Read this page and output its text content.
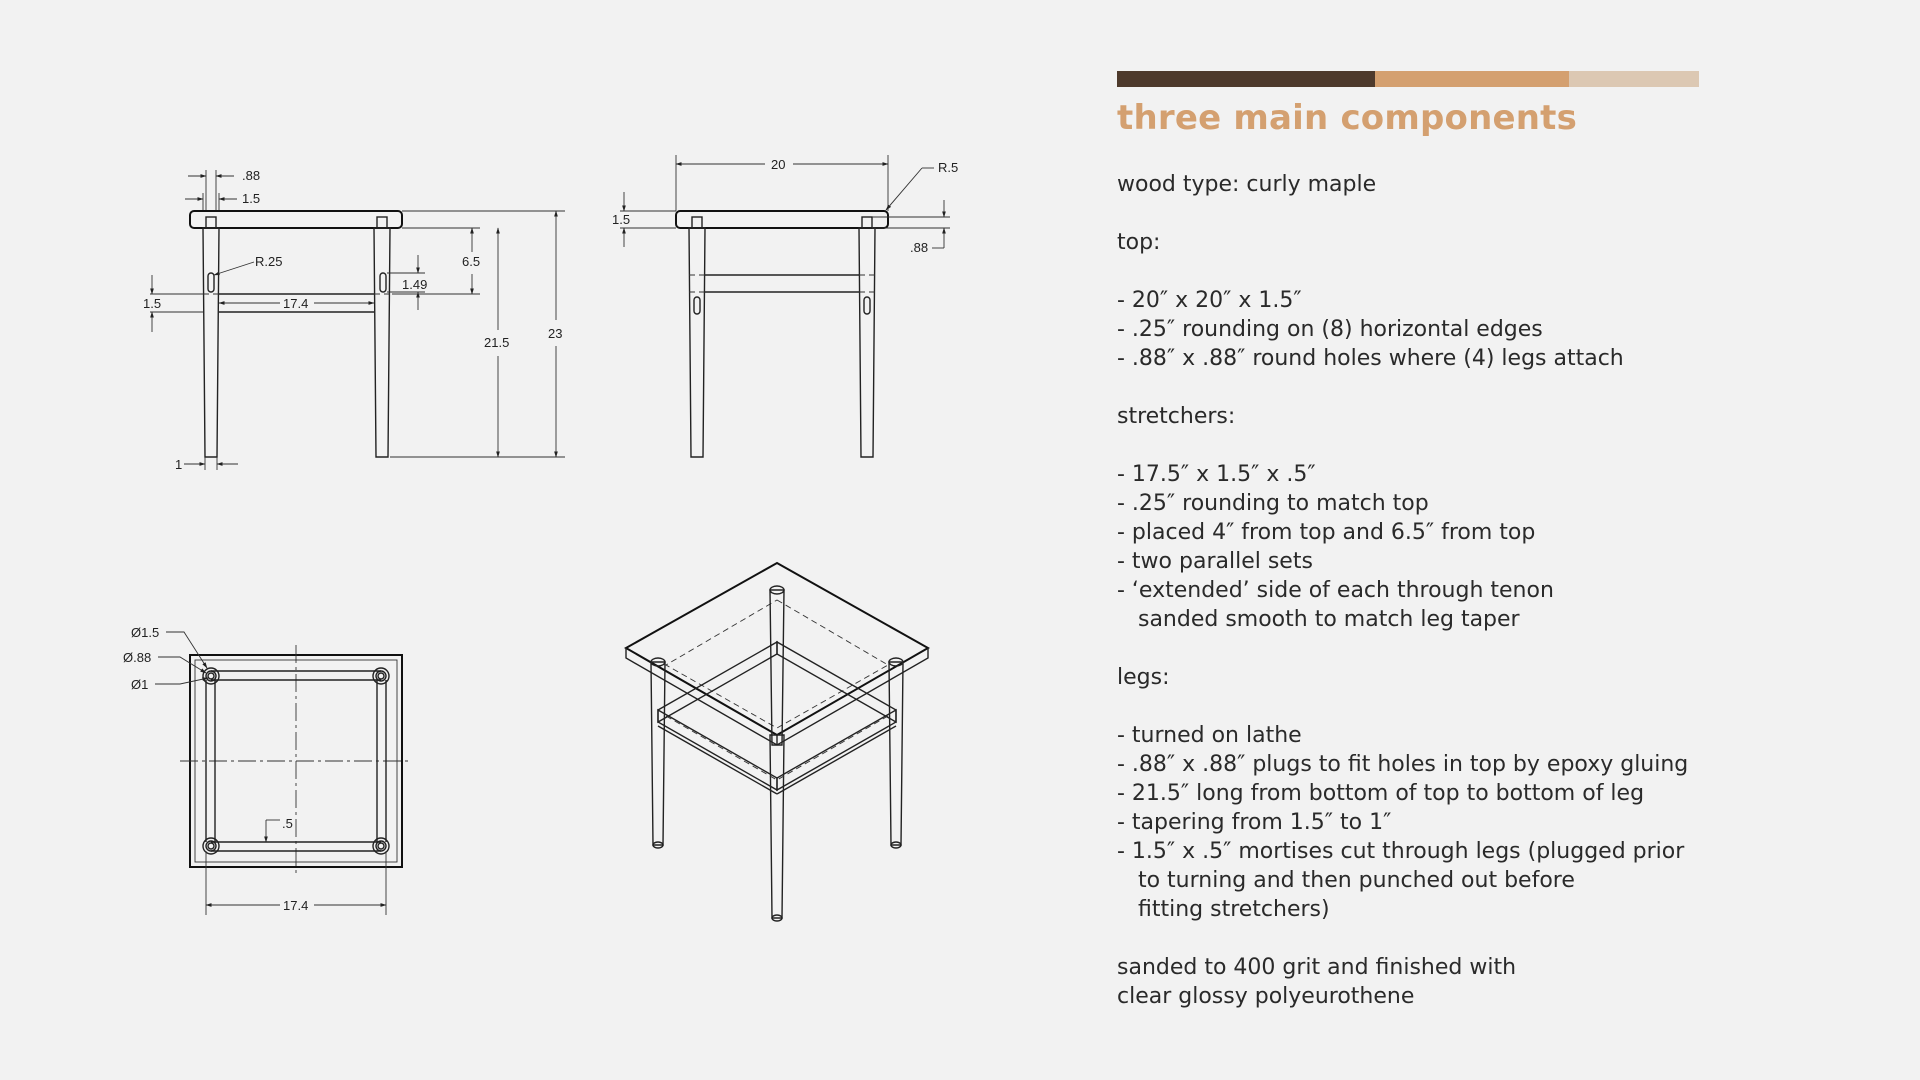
.88
1.5
R.25
1.5	17.4
1.49
6.5
21.5
23
1
20	R.5
1.5
.88
Ø1.5
Ø.88
Ø1
.5
17.4
three main components
wood type: curly maple
top:
- 20″ x 20″ x 1.5″
- .25″ rounding on (8) horizontal edges
- .88″ x .88″ round holes where (4) legs attach
stretchers:
- 17.5″ x 1.5″ x .5″
- .25″ rounding to match top
- placed 4″ from top and 6.5″ from top
- two parallel sets
- ‘extended’ side of each through tenon
sanded smooth to match leg taper
legs:
- turned on lathe
- .88″ x .88″ plugs to fit holes in top by epoxy gluing
- 21.5″ long from bottom of top to bottom of leg
- tapering from 1.5″ to 1″
- 1.5″ x .5″ mortises cut through legs (plugged prior
to turning and then punched out before
fitting stretchers)
sanded to 400 grit and finished with
clear glossy polyeurothene
